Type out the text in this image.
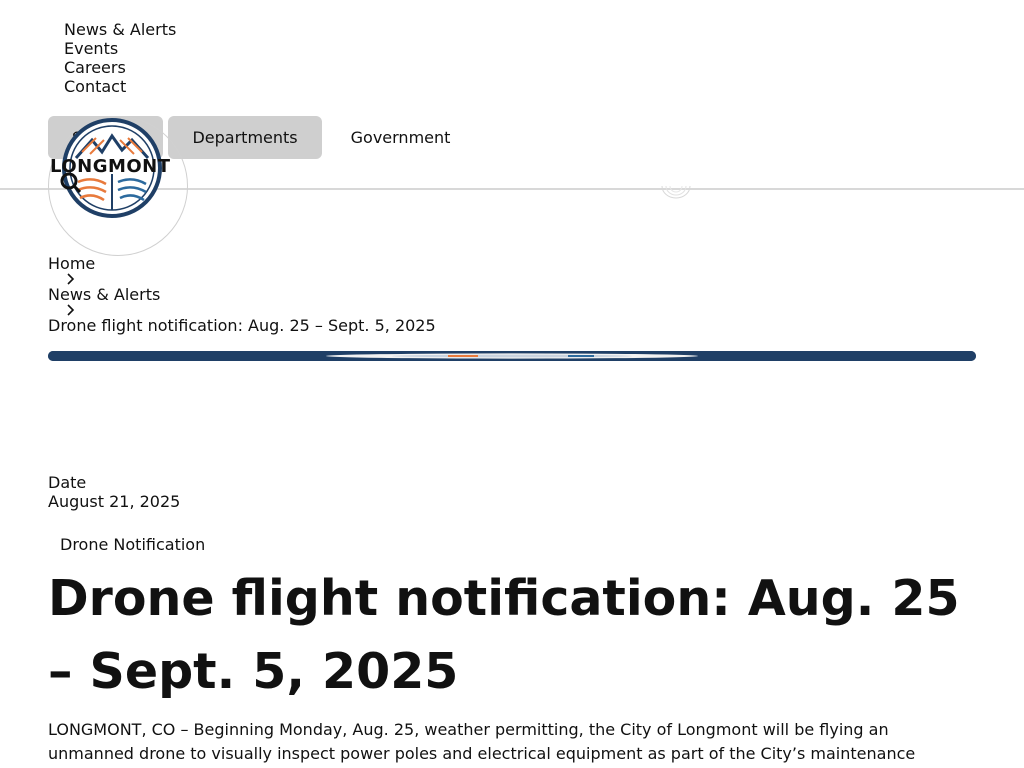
News & Alerts
Events
Careers
Contact
Departments	Government
LONGMONT
Home
News & Alerts
Drone flight notification: Aug. 25 – Sept. 5, 2025
Date
August 21, 2025
Drone Notification
Drone flight notification: Aug. 25 – Sept. 5, 2025

LONGMONT, CO – Beginning Monday, Aug. 25, weather permitting, the City of Longmont will be flying an unmanned drone to visually inspect power poles and electrical equipment as part of the City’s maintenance
